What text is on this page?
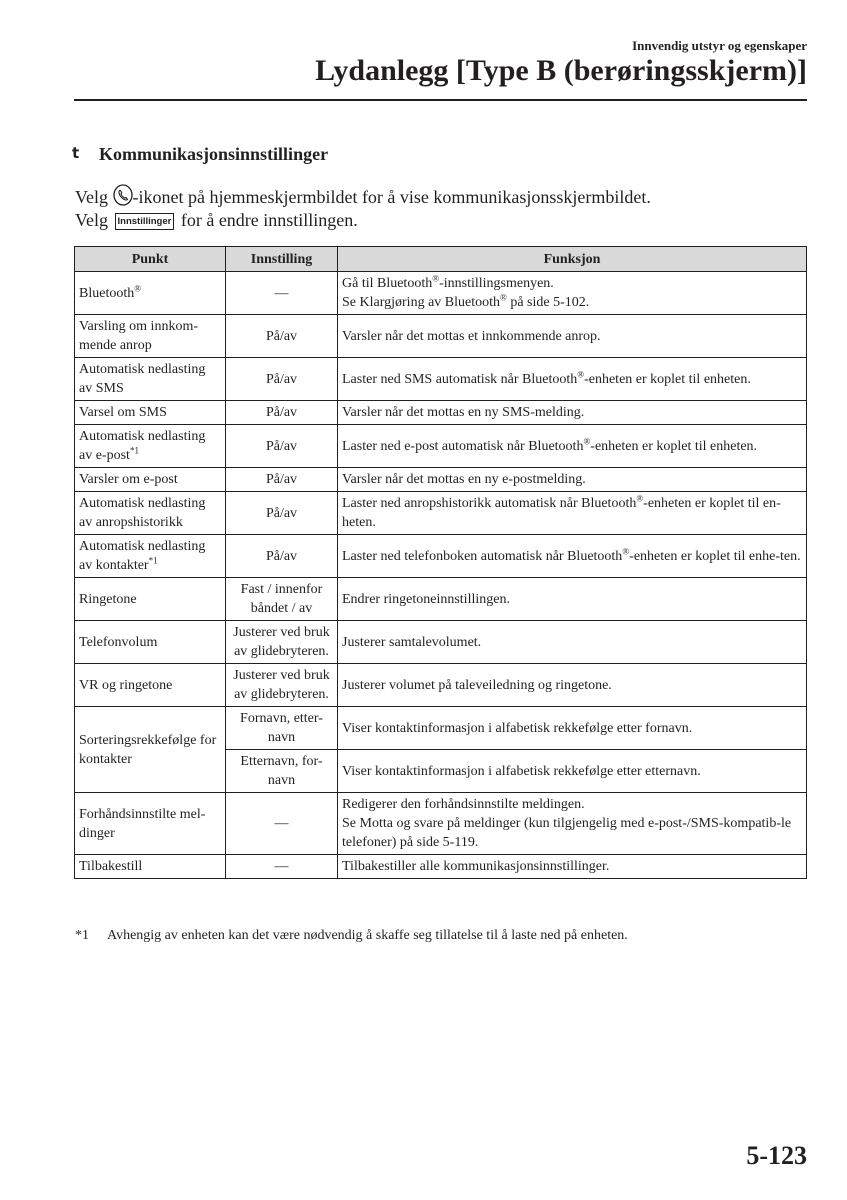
Innvendig utstyr og egenskaper
Lydanlegg [Type B (berøringsskjerm)]
t Kommunikasjonsinnstillinger
Velg -ikonet på hjemmeskjermbildet for å vise kommunikasjonsskjermbildet.
Velg Innstillinger for å endre innstillingen.
Punkt	Innstilling	Funksjon
Bluetooth®	—	Gå til Bluetooth®-innstillingsmenyen.
Se Klargjøring av Bluetooth® på side 5-102.
Varsling om innkom-mende anrop	På/av	Varsler når det mottas et innkommende anrop.
Automatisk nedlasting av SMS	På/av	Laster ned SMS automatisk når Bluetooth®-enheten er koplet til enheten.
Varsel om SMS	På/av	Varsler når det mottas en ny SMS-melding.
Automatisk nedlasting av e-post$^{*1}$	På/av	Laster ned e-post automatisk når Bluetooth®-enheten er koplet til enheten.
Varsler om e-post	På/av	Varsler når det mottas en ny e-postmelding.
Automatisk nedlasting av anropshistorikk	På/av	Laster ned anropshistorikk automatisk når Bluetooth®-enheten er koplet til en-heten.
Automatisk nedlasting av kontakter$^{*1}$	På/av	Laster ned telefonboken automatisk når Bluetooth®-enheten er koplet til enhe-ten.
Ringetone	Fast / innenfor båndet / av	Endrer ringetoneinnstillingen.
Telefonvolum	Justerer ved bruk av glidebryteren.	Justerer samtalevolumet.
VR og ringetone	Justerer ved bruk av glidebryteren.	Justerer volumet på taleveiledning og ringetone.
Sorteringsrekkefølge for kontakter	Fornavn, etter-navn	Viser kontaktinformasjon i alfabetisk rekkefølge etter fornavn.
	Etternavn, for-navn	Viser kontaktinformasjon i alfabetisk rekkefølge etter etternavn.
Forhåndsinnstilte mel-dinger	—	Redigerer den forhåndsinnstilte meldingen.
Se Motta og svare på meldinger (kun tilgjengelig med e-post-/SMS-kompatib-le telefoner) på side 5-119.
Tilbakestill	—	Tilbakestiller alle kommunikasjonsinnstillinger.
*1 Avhengig av enheten kan det være nødvendig å skaffe seg tillatelse til å laste ned på enheten.
5-123
